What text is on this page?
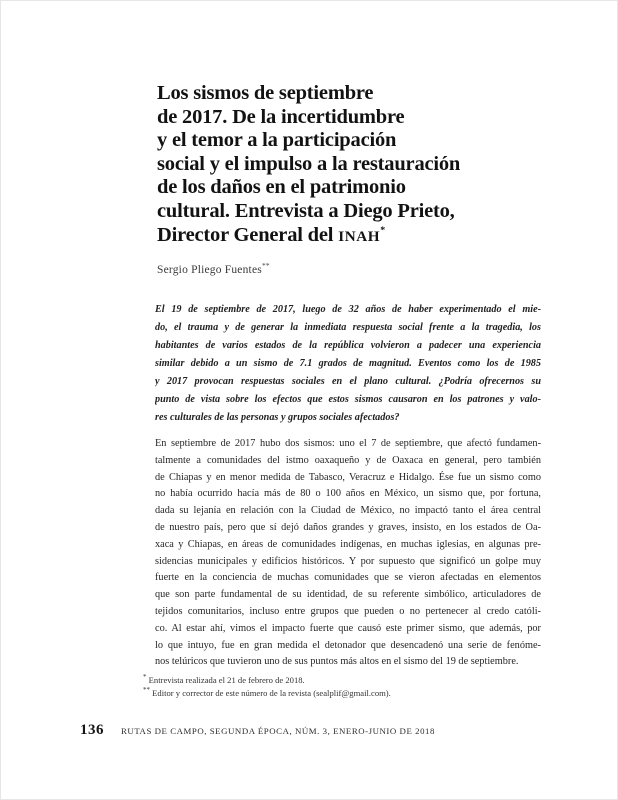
Los sismos de septiembre
de 2017. De la incertidumbre
y el temor a la participación
social y el impulso a la restauración
de los daños en el patrimonio
cultural. Entrevista a Diego Prieto,
Director General del INAH*
Sergio Pliego Fuentes**
El 19 de septiembre de 2017, luego de 32 años de haber experimentado el mie-
do, el trauma y de generar la inmediata respuesta social frente a la tragedia, los
habitantes de varios estados de la república volvieron a padecer una experiencia
similar debido a un sismo de 7.1 grados de magnitud. Eventos como los de 1985
y 2017 provocan respuestas sociales en el plano cultural. ¿Podría ofrecernos su
punto de vista sobre los efectos que estos sismos causaron en los patrones y valo-
res culturales de las personas y grupos sociales afectados?
En septiembre de 2017 hubo dos sismos: uno el 7 de septiembre, que afectó fundamen-
talmente a comunidades del istmo oaxaqueño y de Oaxaca en general, pero también
de Chiapas y en menor medida de Tabasco, Veracruz e Hidalgo. Ése fue un sismo como
no había ocurrido hacía más de 80 o 100 años en México, un sismo que, por fortuna,
dada su lejanía en relación con la Ciudad de México, no impactó tanto el área central
de nuestro país, pero que sí dejó daños grandes y graves, insisto, en los estados de Oa-
xaca y Chiapas, en áreas de comunidades indígenas, en muchas iglesias, en algunas pre-
sidencias municipales y edificios históricos. Y por supuesto que significó un golpe muy
fuerte en la conciencia de muchas comunidades que se vieron afectadas en elementos
que son parte fundamental de su identidad, de su referente simbólico, articuladores de
tejidos comunitarios, incluso entre grupos que pueden o no pertenecer al credo católi-
co. Al estar ahí, vimos el impacto fuerte que causó este primer sismo, que además, por
lo que intuyo, fue en gran medida el detonador que desencadenó una serie de fenóme-
nos telúricos que tuvieron uno de sus puntos más altos en el sismo del 19 de septiembre.
* Entrevista realizada el 21 de febrero de 2018.
** Editor y corrector de este número de la revista (sealplif@gmail.com).
136 RUTAS DE CAMPO, SEGUNDA ÉPOCA, NÚM. 3, ENERO-JUNIO DE 2018
